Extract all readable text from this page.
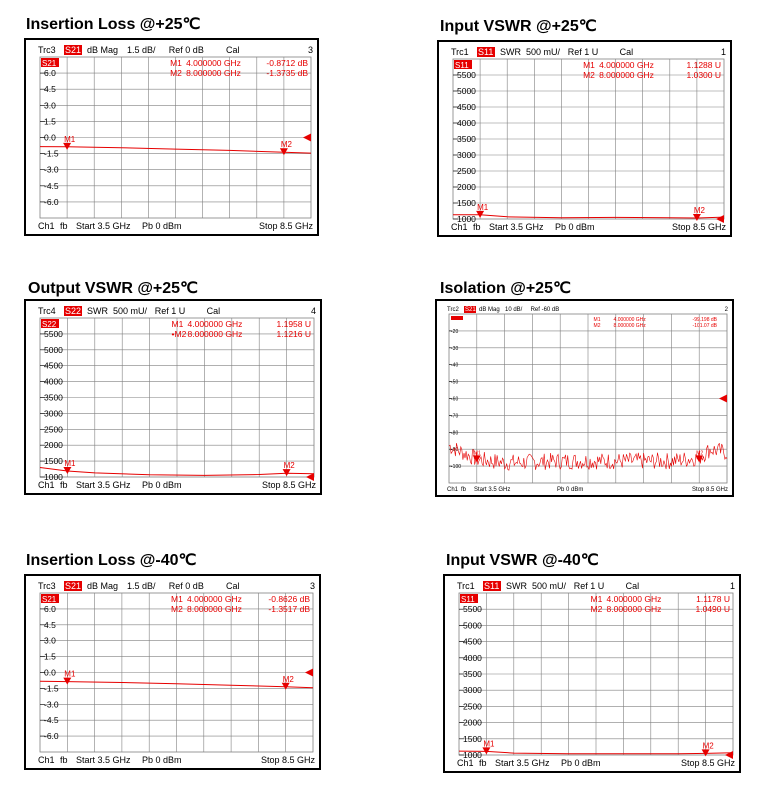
Insertion Loss @+25℃
Trc3 S21 dB Mag 1.5 dB/ Ref 0 dB Cal	3
6.0
4.5
3.0
1.5
0.0
-1.5
-3.0
-4.5
-6.0
S21
M1
M1 4.000000 GHz	-0.8712 dB
M2
M2 8.000000 GHz	-1.3735 dB
Ch1 fb Start 3.5 GHz Pb 0 dBm	Stop 8.5 GHz
Input VSWR @+25℃
Trc1 S11 SWR 500 mU/ Ref 1 U Cal	1
5500
5000
4500
4000
3500
3000
2500
2000
1500
1000
S11
M1
M1 4.000000 GHz	1.1288 U
M2
M2 8.000000 GHz	1.0300 U
Ch1 fb Start 3.5 GHz Pb 0 dBm	Stop 8.5 GHz
Output VSWR @+25℃
Trc4 S22 SWR 500 mU/ Ref 1 U Cal	4
5500
5000
4500
4000
3500
3000
2500
2000
1500
1000
S22
M1
M1 4.000000 GHz	1.1958 U
M2
•M2 8.000000 GHz	1.1216 U
Ch1 fb Start 3.5 GHz Pb 0 dBm	Stop 8.5 GHz
Isolation @+25℃
Trc2 S21 dB Mag 10 dB/ Ref -60 dB	2
-20
-30
-40
-50
-60
-70
-80
-90
-100
M1
M1	4.000000 GHz	-99.198 dB
M2
M2	8.000000 GHz	-101.07 dB
Ch1 fb Start 3.5 GHz	Pb 0 dBm	Stop 8.5 GHz
Insertion Loss @-40℃
Trc3 S21 dB Mag 1.5 dB/ Ref 0 dB Cal	3
6.0
4.5
3.0
1.5
0.0
-1.5
-3.0
-4.5
-6.0
S21
M1
M1 4.000000 GHz	-0.8626 dB
M2
M2 8.000000 GHz	-1.3517 dB
Ch1 fb Start 3.5 GHz Pb 0 dBm	Stop 8.5 GHz
Input VSWR @-40℃
Trc1 S11 SWR 500 mU/ Ref 1 U Cal	1
5500
5000
4500
4000
3500
3000
2500
2000
1500
1000
S11
M1
M1 4.000000 GHz	1.1178 U
M2
M2 8.000000 GHz	1.0490 U
Ch1 fb Start 3.5 GHz Pb 0 dBm	Stop 8.5 GHz
